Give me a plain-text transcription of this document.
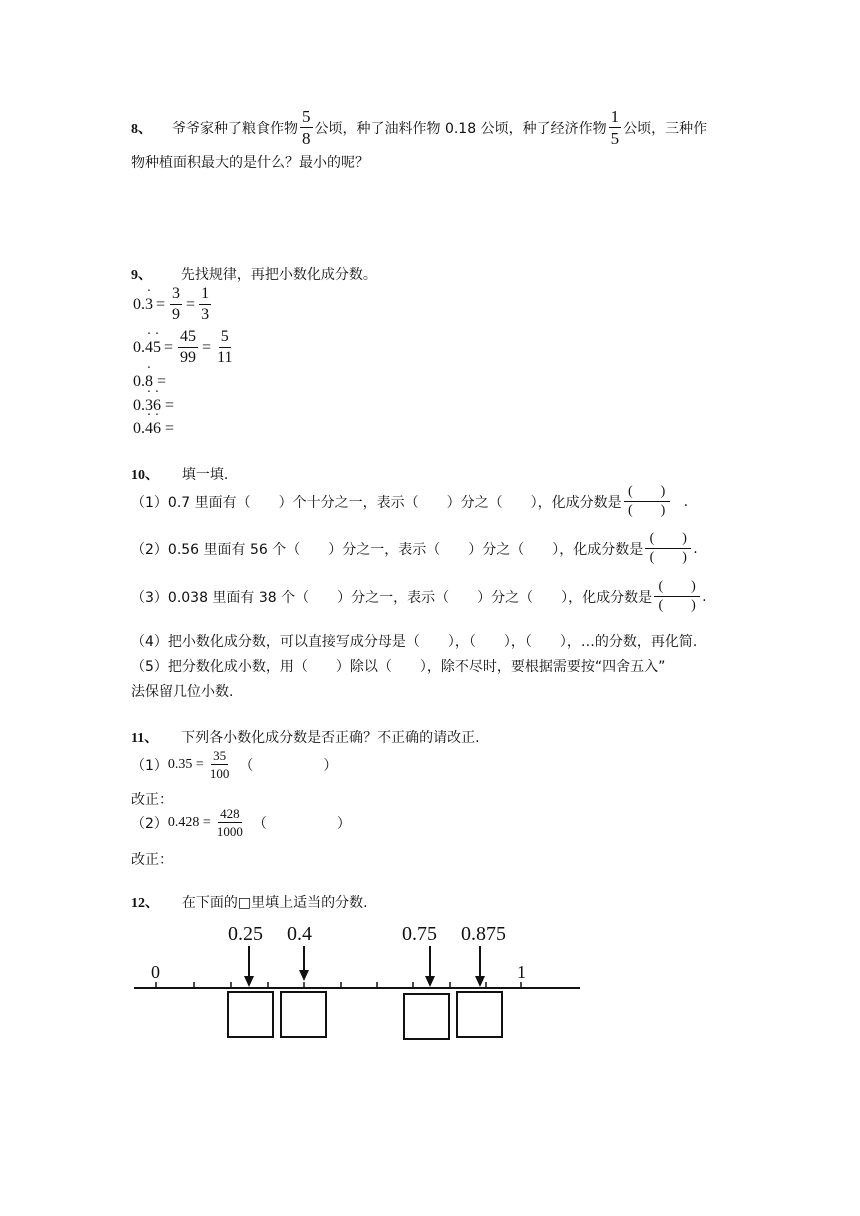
8、 爷爷家种了粮食作物 $\frac{5}{8}$ 公顷，种了油料作物 0.18 公顷，种了经济作物 $\frac{1}{5}$ 公顷，三种作
物种植面积最大的是什么？最小的呢？
9、 先找规律，再把小数化成分数。
0.
· $3 = \frac{3}{9} = \frac{1}{3}$
0.
· 4
· $5 = \frac{45}{99} = \frac{5}{11}$
0.· 8 =
0.· 3· 6 =
0.· 4· 6 =
10、 填一填.
（1）0.7 里面有（　　）个十分之一，表示（　　）分之（　　），化成分数是 $\frac{( )}{( )}$ .
（2）0.56 里面有 56 个（　　）分之一，表示（　　）分之（　　），化成分数是 $\frac{( )}{( )}$ .
（3）0.038 里面有 38 个（　　）分之一，表示（　　）分之（　　），化成分数是 $\frac{( )}{( )}$ .
（4）把小数化成分数，可以直接写成分母是（　　），（　　），（　　），…的分数，再化简.
（5）把分数化成小数，用（　　）除以（　　），除不尽时，要根据需要按“四舍五入”
法保留几位小数.
11、 下列各小数化成分数是否正确？不正确的请改正.
（1） $0.35 = \frac{35}{100}$ （　　　　　）
改正：
（2） $0.428 = \frac{428}{1000}$ （　　　　　）
改正：
12、 在下面的□里填上适当的分数.
0	1
0.25 0.4	0.75 0.875
